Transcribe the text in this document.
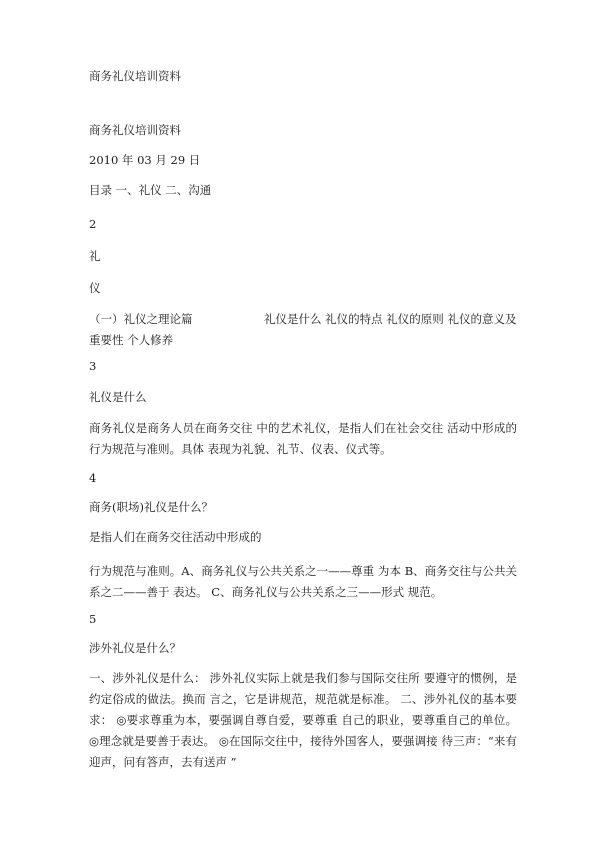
商务礼仪培训资料

商务礼仪培训资料

2010 年 03 月 29 日

目录 一、礼仪 二、沟通

2

礼

仪

（一）礼仪之理论篇	礼仪是什么 礼仪的特点 礼仪的原则 礼仪的意义及重要性 个人修养

3

礼仪是什么

商务礼仪是商务人员在商务交往 中的艺术礼仪，是指人们在社会交往 活动中形成的行为规范与准则。具体 表现为礼貌、礼节、仪表、仪式等。

4

商务(职场)礼仪是什么？

是指人们在商务交往活动中形成的

行为规范与准则。A、商务礼仪与公共关系之一——尊重 为本 B、商务交往与公共关系之二——善于 表达。 C、商务礼仪与公共关系之三——形式 规范。

5

涉外礼仪是什么？

一、涉外礼仪是什么： 涉外礼仪实际上就是我们参与国际交往所 要遵守的惯例，是约定俗成的做法。换而 言之，它是讲规范，规范就是标准。 二、涉外礼仪的基本要求： ◎要求尊重为本，要强调自尊自爱，要尊重 自己的职业，要尊重自己的单位。 ◎理念就是要善于表达。 ◎在国际交往中，接待外国客人，要强调接 待三声：“来有迎声，问有答声，去有送声 ”
